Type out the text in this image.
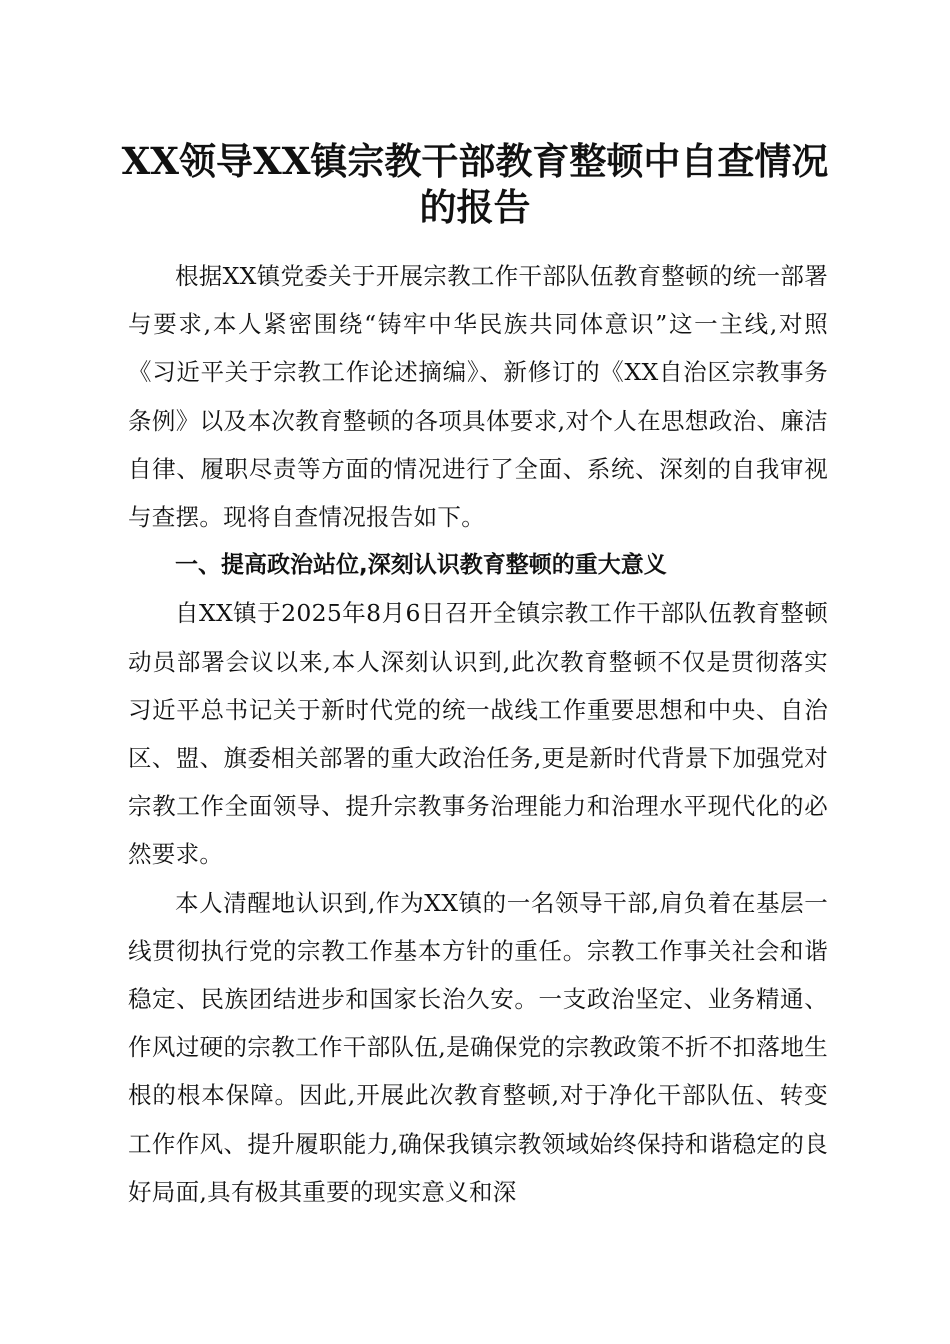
XX领导XX镇宗教干部教育整顿中自查情况
的报告

根据XX镇党委关于开展宗教工作干部队伍教育整顿的统一部署与要求,本人紧密围绕“铸牢中华民族共同体意识”这一主线,对照《习近平关于宗教工作论述摘编》、新修订的《XX自治区宗教事务条例》以及本次教育整顿的各项具体要求,对个人在思想政治、廉洁自律、履职尽责等方面的情况进行了全面、系统、深刻的自我审视与查摆。现将自查情况报告如下。

一、提高政治站位,深刻认识教育整顿的重大意义

自XX镇于2025年8月6日召开全镇宗教工作干部队伍教育整顿动员部署会议以来,本人深刻认识到,此次教育整顿不仅是贯彻落实习近平总书记关于新时代党的统一战线工作重要思想和中央、自治区、盟、旗委相关部署的重大政治任务,更是新时代背景下加强党对宗教工作全面领导、提升宗教事务治理能力和治理水平现代化的必然要求。

本人清醒地认识到,作为XX镇的一名领导干部,肩负着在基层一线贯彻执行党的宗教工作基本方针的重任。宗教工作事关社会和谐稳定、民族团结进步和国家长治久安。一支政治坚定、业务精通、作风过硬的宗教工作干部队伍,是确保党的宗教政策不折不扣落地生根的根本保障。因此,开展此次教育整顿,对于净化干部队伍、转变工作作风、提升履职能力,确保我镇宗教领域始终保持和谐稳定的良好局面,具有极其重要的现实意义和深
